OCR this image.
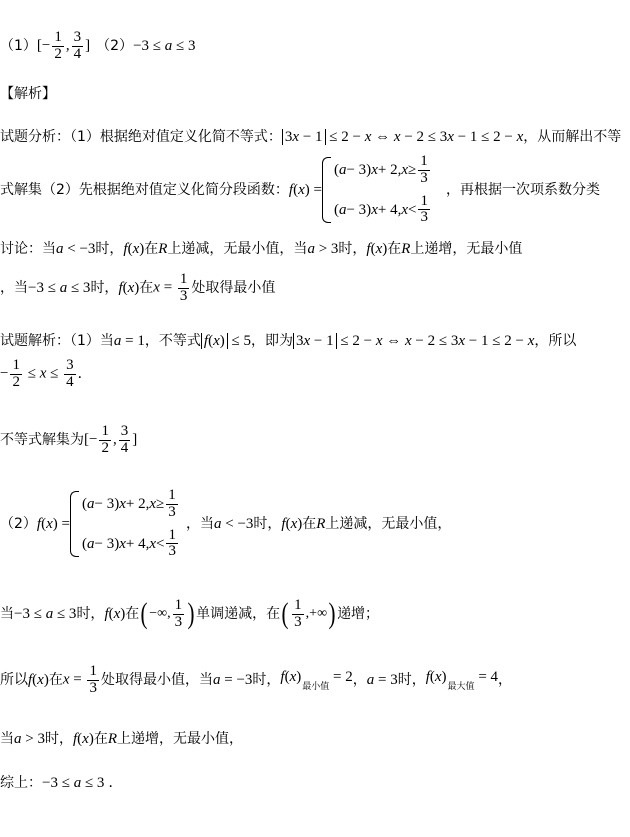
（1） [− $\frac{1}{2}$ , $\frac{3}{4}$ ] （2） −3 ≤ a ≤ 3
【解析】
试题分析：（1）根据绝对值定义化简不等式： 3x − 1 ≤ 2 − x ⇔ x − 2 ≤ 3x − 1 ≤ 2 − x ，从而解出不等
式解集（2）先根据绝对值定义化简分段函数： f(x) =
( a − 3) x + 2, $x \ge \frac{1}{3}$
( a − 3) x + 4, $x < \frac{1}{3}$
，再根据一次项系数分类
讨论：当 a < −3 时， f(x) 在 R 上递减，无最小值，当 a > 3 时， f(x) 在 R 上递增，无最小值
，当 −3 ≤ a ≤ 3 时， f(x) 在 $x = \frac{1}{3}$ 处取得最小值
试题解析：（1）当 a = 1 ，不等式 f(x) ≤ 5 ，即为 3x − 1 ≤ 2 − x ⇔ x − 2 ≤ 3x − 1 ≤ 2 − x ，所以
− $\frac{1}{2} \le x \le \frac{3}{4}$ ．
不等式解集为 [− $\frac{1}{2}$ , $\frac{3}{4}$ ]
（2） f(x) =
( a − 3) x + 2, $x \ge \frac{1}{3}$
( a − 3) x + 4, $x < \frac{1}{3}$
，当 a < −3 时， f(x) 在 R 上递减，无最小值，
当 −3 ≤ a ≤ 3 时， f(x) 在 ( −∞, $\frac{1}{3}$ ) 单调递减，在 ( $\frac{1}{3}$ ,+∞ ) 递增；
所以 f(x) 在 $x = \frac{1}{3}$ 处取得最小值，当 a = −3 时， $f(x)_{最小值} = 2$ ， a = 3 时， $f(x)_{最大值} = 4$ ，
当 a > 3 时， f(x) 在 R 上递增，无最小值，
综上： −3 ≤ a ≤ 3 ．
